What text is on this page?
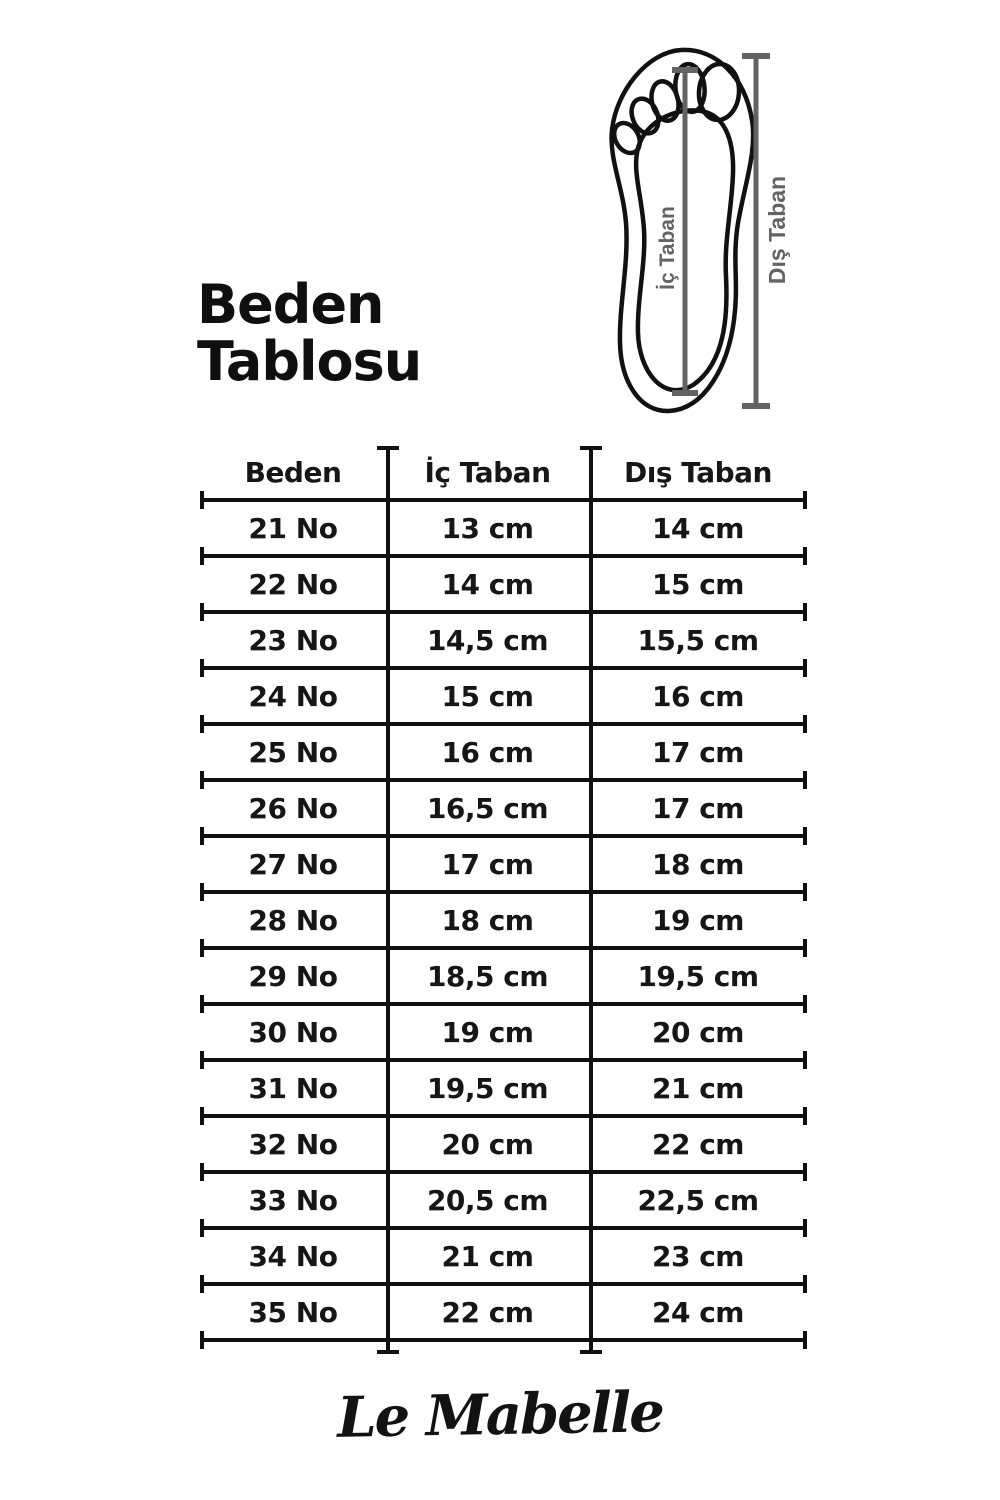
Beden
Tablosu
İç Taban	Dış Taban
Beden	İç Taban	Dış Taban
21 No	13 cm	14 cm
22 No	14 cm	15 cm
23 No	14,5 cm	15,5 cm
24 No	15 cm	16 cm
25 No	16 cm	17 cm
26 No	16,5 cm	17 cm
27 No	17 cm	18 cm
28 No	18 cm	19 cm
29 No	18,5 cm	19,5 cm
30 No	19 cm	20 cm
31 No	19,5 cm	21 cm
32 No	20 cm	22 cm
33 No	20,5 cm	22,5 cm
34 No	21 cm	23 cm
35 No	22 cm	24 cm
Le Mabelle
